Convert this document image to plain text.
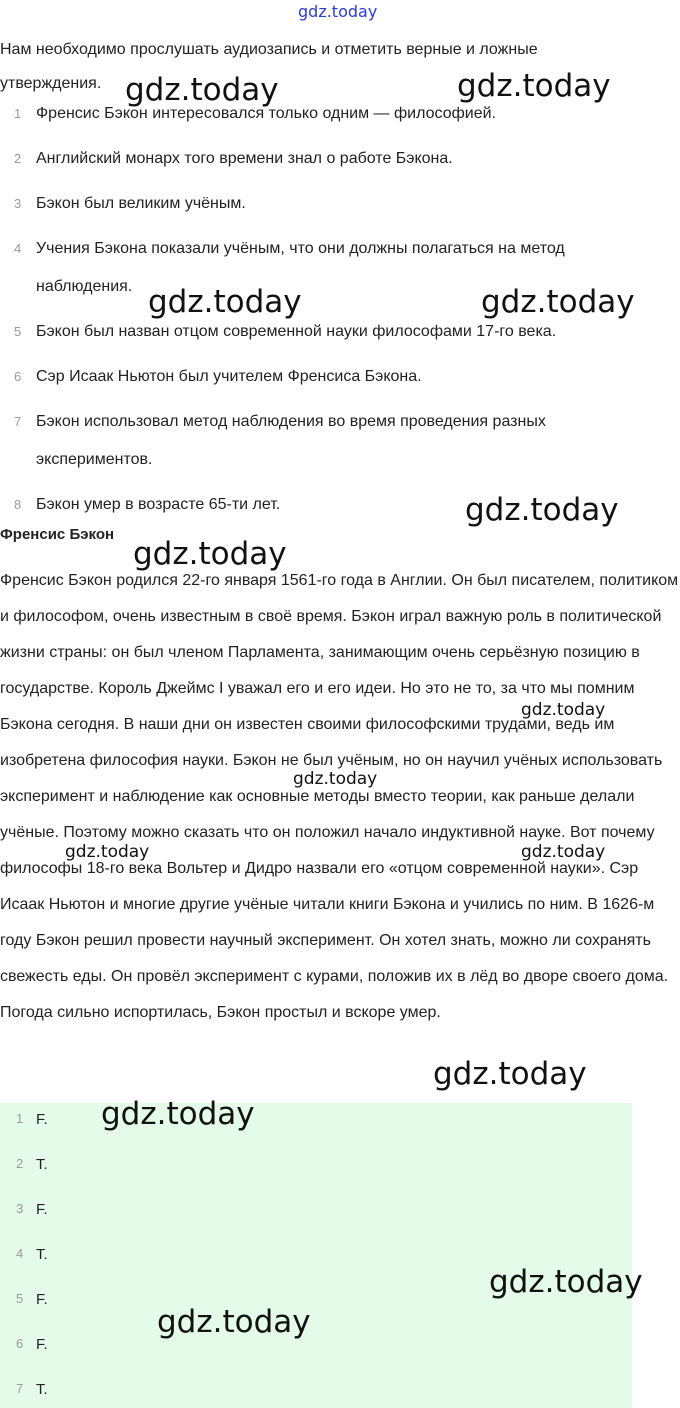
Нам необходимо прослушать аудиозапись и отметить верные и ложные утверждения.
1 Френсис Бэкон интересовался только одним — философией.
2 Английский монарх того времени знал о работе Бэкона.
3 Бэкон был великим учёным.
4 Учения Бэкона показали учёным, что они должны полагаться на метод наблюдения.
5 Бэкон был назван отцом современной науки философами 17-го века.
6 Сэр Исаак Ньютон был учителем Френсиса Бэкона.
7 Бэкон использовал метод наблюдения во время проведения разных экспериментов.
8 Бэкон умер в возрасте 65-ти лет.
Френсис Бэкон
Френсис Бэкон родился 22-го января 1561-го года в Англии. Он был писателем, политиком и философом, очень известным в своё время. Бэкон играл важную роль в политической жизни страны: он был членом Парламента, занимающим очень серьёзную позицию в государстве. Король Джеймс I уважал его и его идеи. Но это не то, за что мы помним Бэкона сегодня. В наши дни он известен своими философскими трудами, ведь им изобретена философия науки. Бэкон не был учёным, но он научил учёных использовать эксперимент и наблюдение как основные методы вместо теории, как раньше делали учёные. Поэтому можно сказать что он положил начало индуктивной науке. Вот почему философы 18-го века Вольтер и Дидро назвали его «отцом современной науки». Сэр Исаак Ньютон и многие другие учёные читали книги Бэкона и учились по ним. В 1626-м году Бэкон решил провести научный эксперимент. Он хотел знать, можно ли сохранять свежесть еды. Он провёл эксперимент с курами, положив их в лёд во дворе своего дома. Погода сильно испортилась, Бэкон простыл и вскоре умер.
1 F.
2 T.
3 F.
4 T.
5 F.
6 F.
7 T.
gdz.today
gdz.today	gdz.today
gdz.today	gdz.today
gdz.today
gdz.today
gdz.today
gdz.today
gdz.today	gdz.today
gdz.today
gdz.today
gdz.today
gdz.today
